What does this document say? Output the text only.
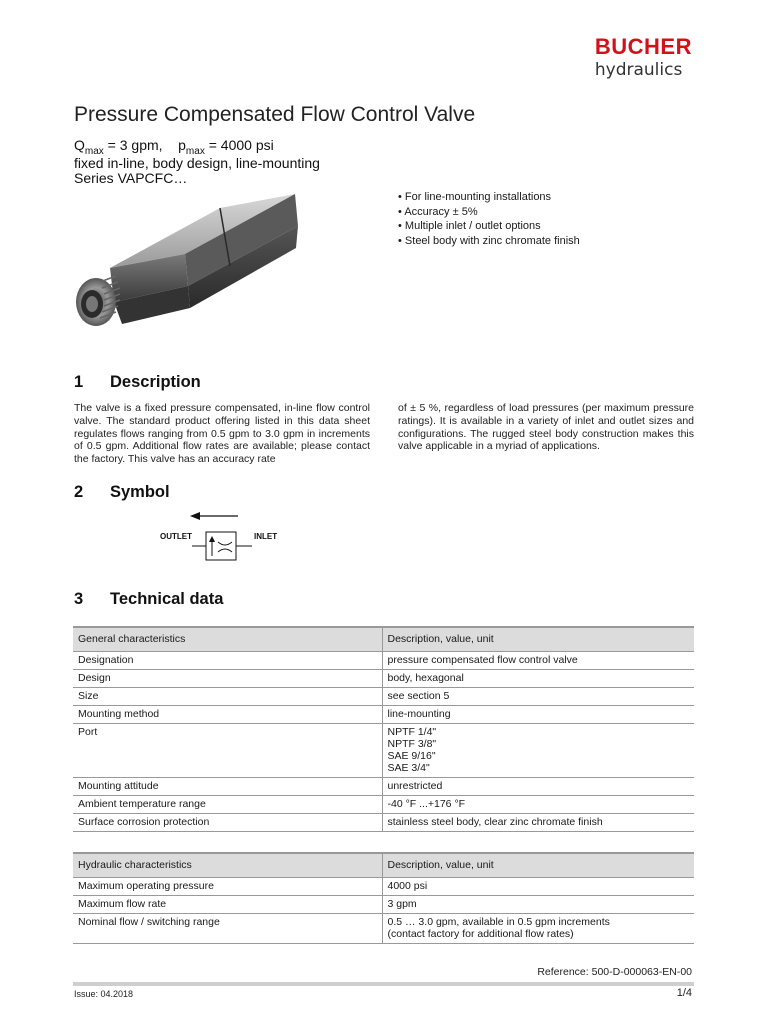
BUCHER
hydraulics
Pressure Compensated Flow Control Valve
$Q_{max} = 3$ gpm, $p_{max} = 4000$ psi
fixed in-line, body design, line-mounting
Series VAPCFC…
• For line-mounting installations
• Accuracy ± 5%
• Multiple inlet / outlet options
• Steel body with zinc chromate finish
1 Description

The valve is a fixed pressure compensated, in-line flow control valve. The standard product offering listed in this data sheet regulates flows ranging from 0.5 gpm to 3.0 gpm in increments of 0.5 gpm. Additional flow rates are available; please contact the factory. This valve has an accuracy rate

of ± 5 %, regardless of load pressures (per maximum pressure ratings). It is available in a variety of inlet and outlet sizes and configurations. The rugged steel body construction makes this valve applicable in a myriad of applications.

2 Symbol
OUTLET	INLET
3 Technical data
General characteristics	Description, value, unit
Designation	pressure compensated flow control valve
Design	body, hexagonal
Size	see section 5
Mounting method	line-mounting
Port	NPTF 1/4"
NPTF 3/8"
SAE 9/16"
SAE 3/4"

Mounting attitude	unrestricted
Ambient temperature range	-40 °F ...+176 °F
Surface corrosion protection	stainless steel body, clear zinc chromate finish
Hydraulic characteristics	Description, value, unit
Maximum operating pressure	4000 psi
Maximum flow rate	3 gpm
Nominal flow / switching range	0.5 … 3.0 gpm, available in 0.5 gpm increments
(contact factory for additional flow rates)
Reference: 500-D-000063-EN-00
Issue: 04.2018	1/4
